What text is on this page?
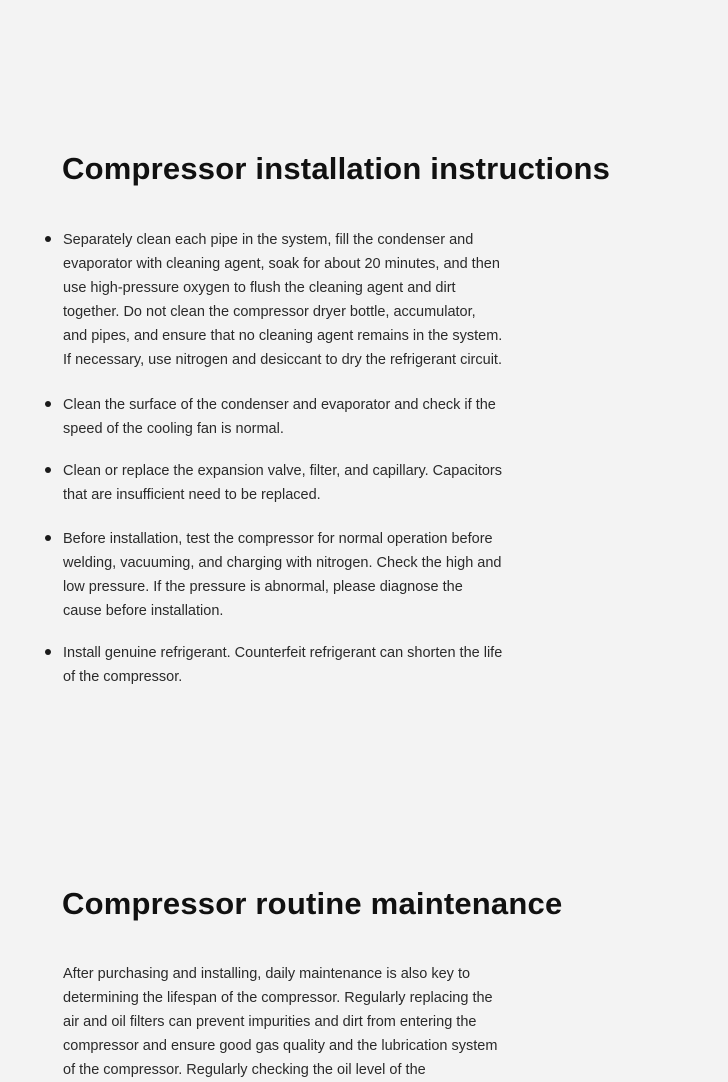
Compressor installation instructions
Separately clean each pipe in the system, fill the condenser and evaporator with cleaning agent, soak for about 20 minutes, and then use high-pressure oxygen to flush the cleaning agent and dirt together. Do not clean the compressor dryer bottle, accumulator, and pipes, and ensure that no cleaning agent remains in the system. If necessary, use nitrogen and desiccant to dry the refrigerant circuit.
Clean the surface of the condenser and evaporator and check if the speed of the cooling fan is normal.
Clean or replace the expansion valve, filter, and capillary. Capacitors that are insufficient need to be replaced.
Before installation, test the compressor for normal operation before welding, vacuuming, and charging with nitrogen. Check the high and low pressure. If the pressure is abnormal, please diagnose the cause before installation.
Install genuine refrigerant. Counterfeit refrigerant can shorten the life of the compressor.
Compressor routine maintenance

After purchasing and installing, daily maintenance is also key to determining the lifespan of the compressor. Regularly replacing the air and oil filters can prevent impurities and dirt from entering the compressor and ensure good gas quality and the lubrication system of the compressor. Regularly checking the oil level of the
